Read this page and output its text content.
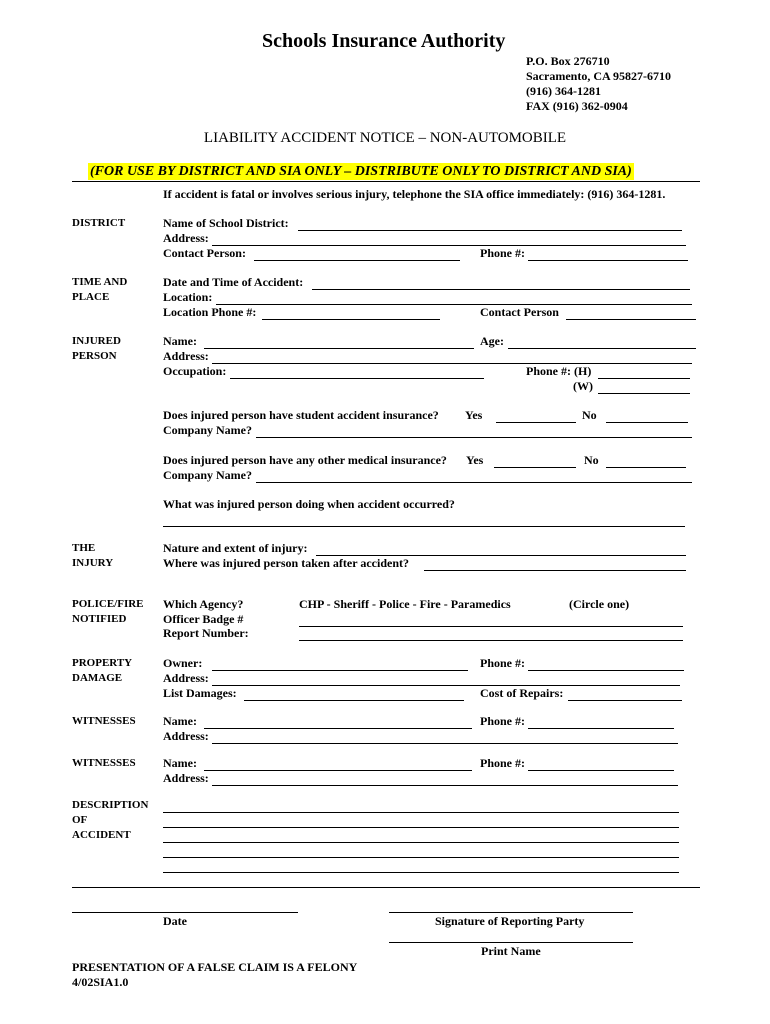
Schools Insurance Authority
P.O. Box 276710
Sacramento, CA 95827-6710
(916) 364-1281
FAX (916) 362-0904
LIABILITY ACCIDENT NOTICE – NON-AUTOMOBILE
(FOR USE BY DISTRICT AND SIA ONLY – DISTRIBUTE ONLY TO DISTRICT AND SIA)
If accident is fatal or involves serious injury, telephone the SIA office immediately: (916) 364-1281.
DISTRICT	Name of School District:
Address:
Contact Person:	Phone #:
TIME AND
PLACE
Date and Time of Accident:
Location:
Location Phone #:	Contact Person
INJURED
PERSON
Name:	Age:
Address:
Occupation:	Phone #: (H)
(W)
Does injured person have student accident insurance? Yes	No
Company Name?
Does injured person have any other medical insurance? Yes	No
Company Name?
What was injured person doing when accident occurred?
THE
INJURY
Nature and extent of injury:
Where was injured person taken after accident?
POLICE/FIRE
NOTIFIED
Which Agency?	CHP - Sheriff - Police - Fire - Paramedics	(Circle one)
Officer Badge #
Report Number:
PROPERTY
DAMAGE
Owner:	Phone #:
Address:
List Damages:	Cost of Repairs:
WITNESSES Name:	Phone #:
Address:
WITNESSES Name:	Phone #:
Address:
DESCRIPTION
OF
ACCIDENT
Date	Signature of Reporting Party
Print Name
PRESENTATION OF A FALSE CLAIM IS A FELONY
4/02SIA1.0
